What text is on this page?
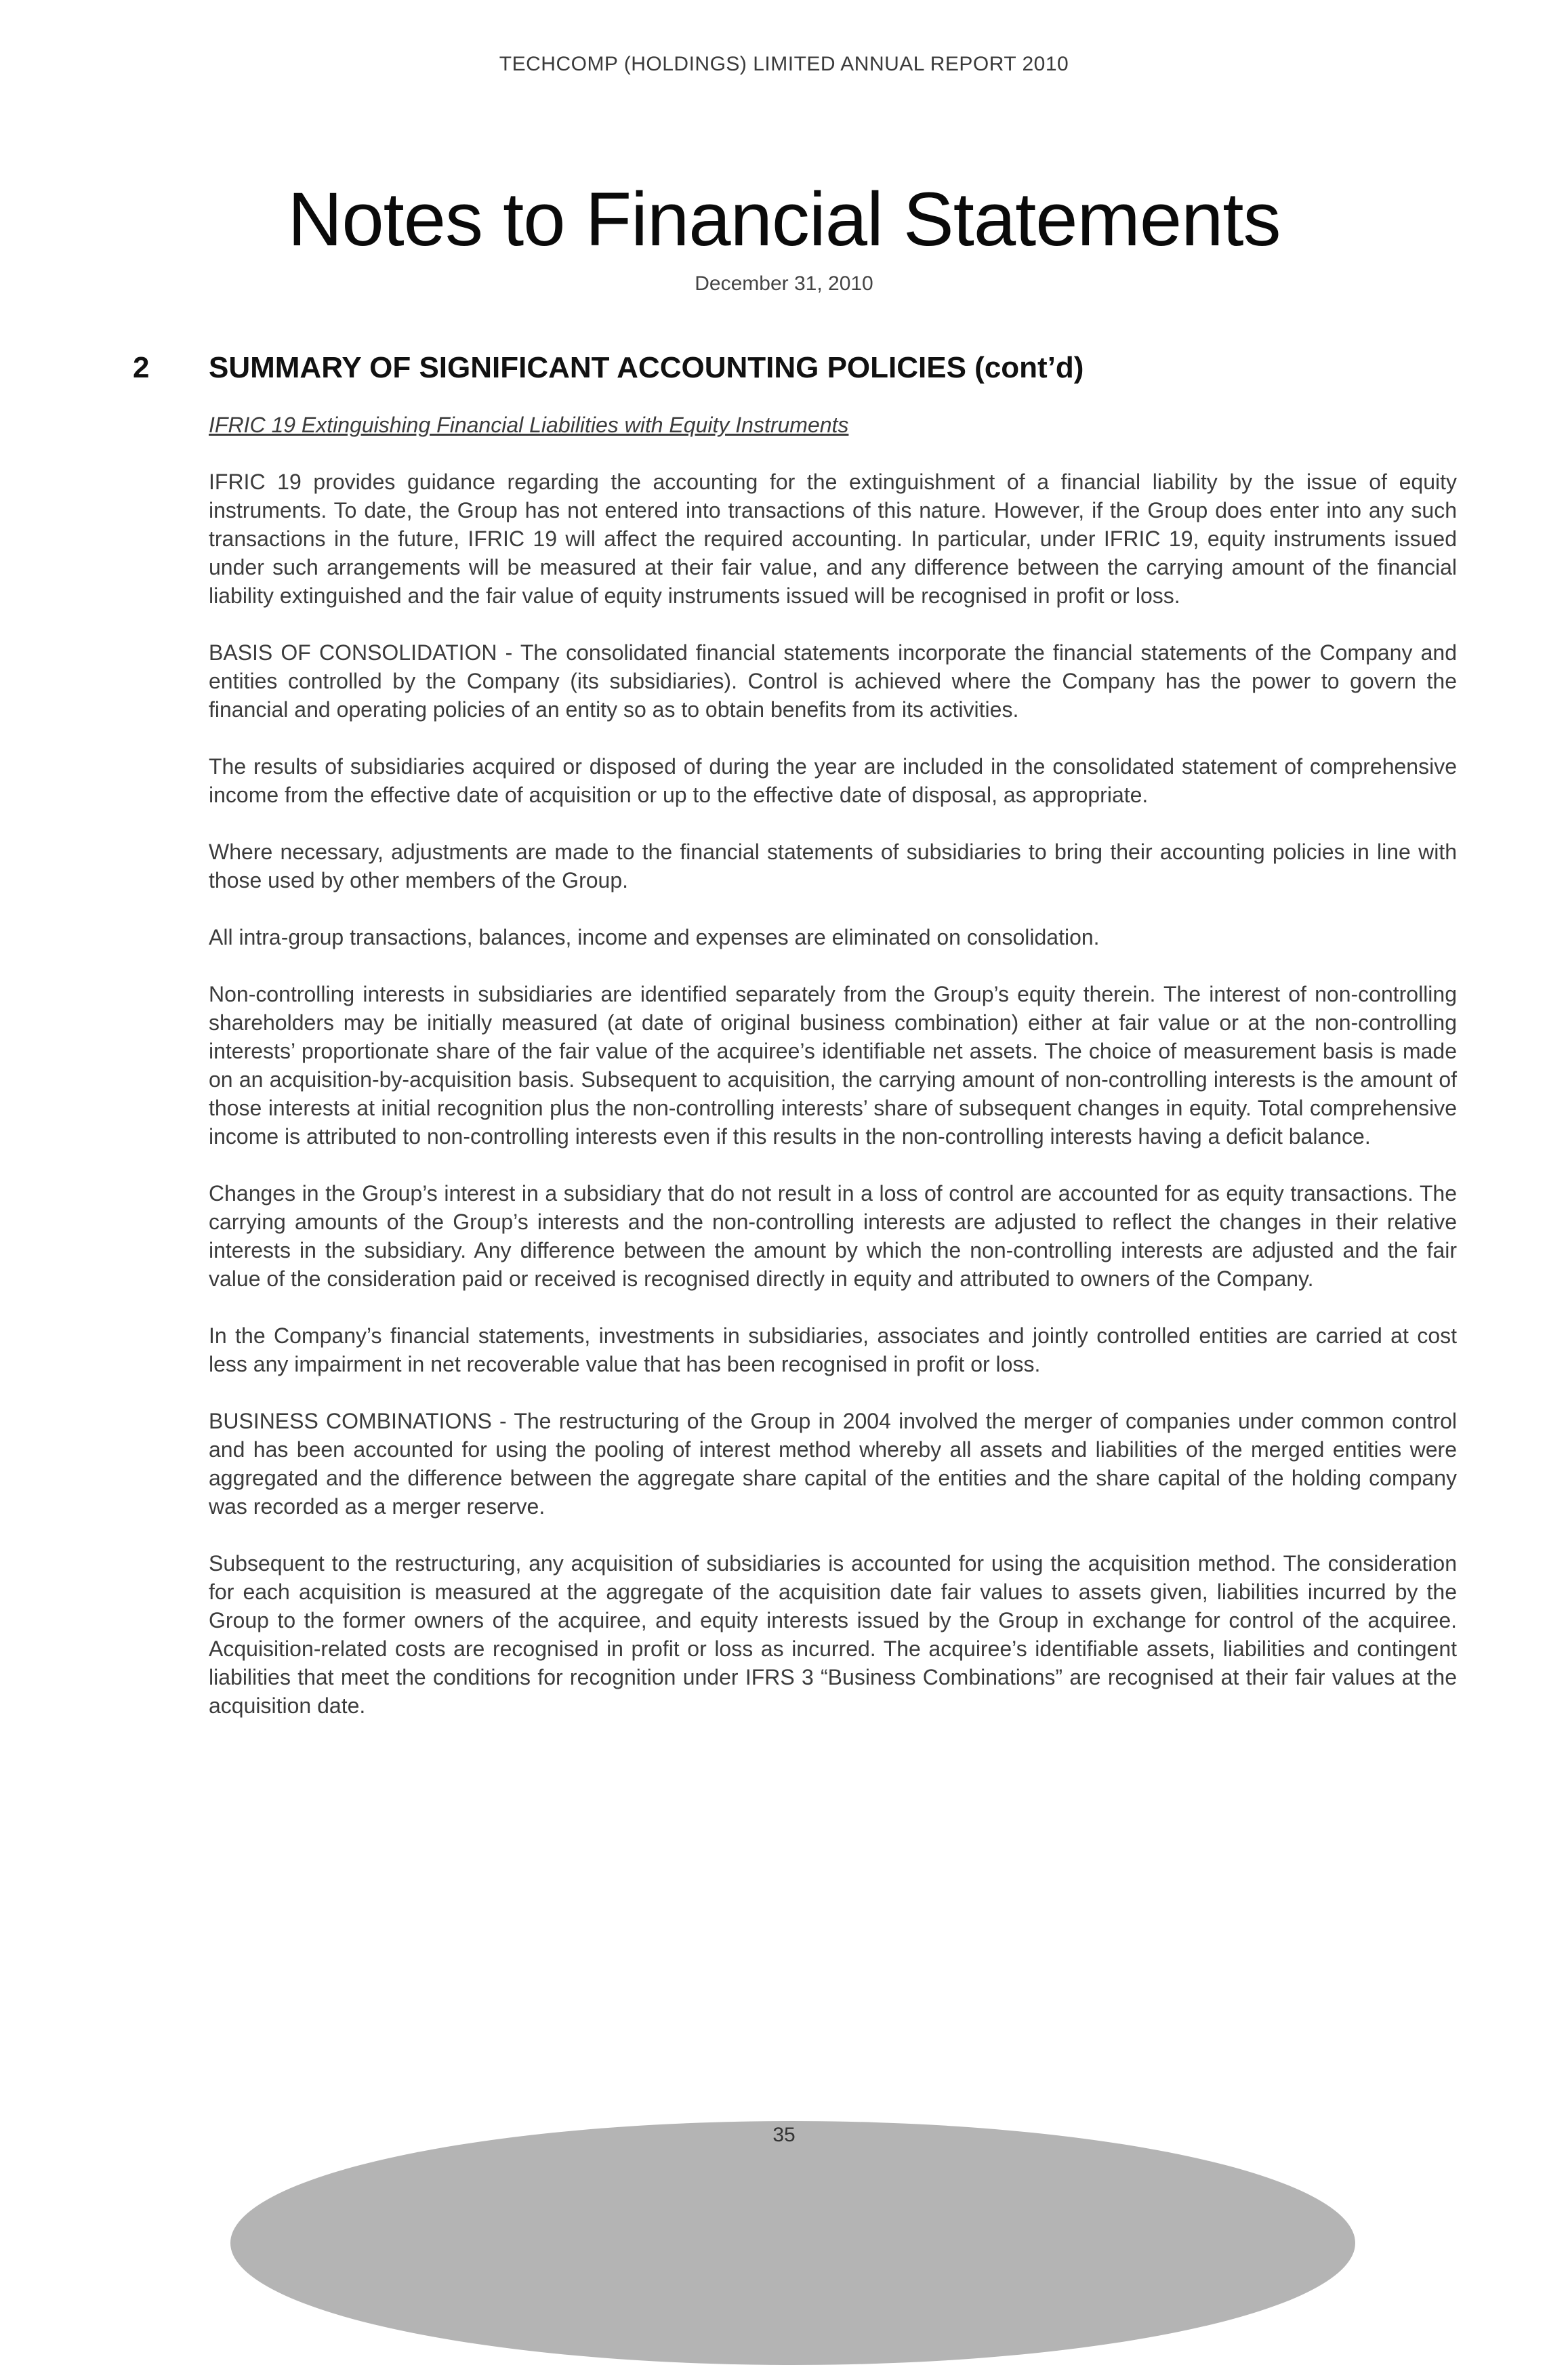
TECHCOMP (HOLDINGS) LIMITED ANNUAL REPORT 2010
Notes to Financial Statements
December 31, 2010
2	SUMMARY OF SIGNIFICANT ACCOUNTING POLICIES (cont’d)
IFRIC 19 Extinguishing Financial Liabilities with Equity Instruments

IFRIC 19 provides guidance regarding the accounting for the extinguishment of a financial liability by the issue of equity instruments. To date, the Group has not entered into transactions of this nature. However, if the Group does enter into any such transactions in the future, IFRIC 19 will affect the required accounting. In particular, under IFRIC 19, equity instruments issued under such arrangements will be measured at their fair value, and any difference between the carrying amount of the financial liability extinguished and the fair value of equity instruments issued will be recognised in profit or loss.

BASIS OF CONSOLIDATION - The consolidated financial statements incorporate the financial statements of the Company and entities controlled by the Company (its subsidiaries). Control is achieved where the Company has the power to govern the financial and operating policies of an entity so as to obtain benefits from its activities.

The results of subsidiaries acquired or disposed of during the year are included in the consolidated statement of comprehensive income from the effective date of acquisition or up to the effective date of disposal, as appropriate.

Where necessary, adjustments are made to the financial statements of subsidiaries to bring their accounting policies in line with those used by other members of the Group.

All intra-group transactions, balances, income and expenses are eliminated on consolidation.

Non-controlling interests in subsidiaries are identified separately from the Group’s equity therein. The interest of non-controlling shareholders may be initially measured (at date of original business combination) either at fair value or at the non-controlling interests’ proportionate share of the fair value of the acquiree’s identifiable net assets. The choice of measurement basis is made on an acquisition-by-acquisition basis. Subsequent to acquisition, the carrying amount of non-controlling interests is the amount of those interests at initial recognition plus the non-controlling interests’ share of subsequent changes in equity. Total comprehensive income is attributed to non-controlling interests even if this results in the non-controlling interests having a deficit balance.

Changes in the Group’s interest in a subsidiary that do not result in a loss of control are accounted for as equity transactions. The carrying amounts of the Group’s interests and the non-controlling interests are adjusted to reflect the changes in their relative interests in the subsidiary. Any difference between the amount by which the non-controlling interests are adjusted and the fair value of the consideration paid or received is recognised directly in equity and attributed to owners of the Company.

In the Company’s financial statements, investments in subsidiaries, associates and jointly controlled entities are carried at cost less any impairment in net recoverable value that has been recognised in profit or loss.

BUSINESS COMBINATIONS - The restructuring of the Group in 2004 involved the merger of companies under common control and has been accounted for using the pooling of interest method whereby all assets and liabilities of the merged entities were aggregated and the difference between the aggregate share capital of the entities and the share capital of the holding company was recorded as a merger reserve.

Subsequent to the restructuring, any acquisition of subsidiaries is accounted for using the acquisition method. The consideration for each acquisition is measured at the aggregate of the acquisition date fair values to assets given, liabilities incurred by the Group to the former owners of the acquiree, and equity interests issued by the Group in exchange for control of the acquiree. Acquisition-related costs are recognised in profit or loss as incurred. The acquiree’s identifiable assets, liabilities and contingent liabilities that meet the conditions for recognition under IFRS 3 “Business Combinations” are recognised at their fair values at the acquisition date.

35
